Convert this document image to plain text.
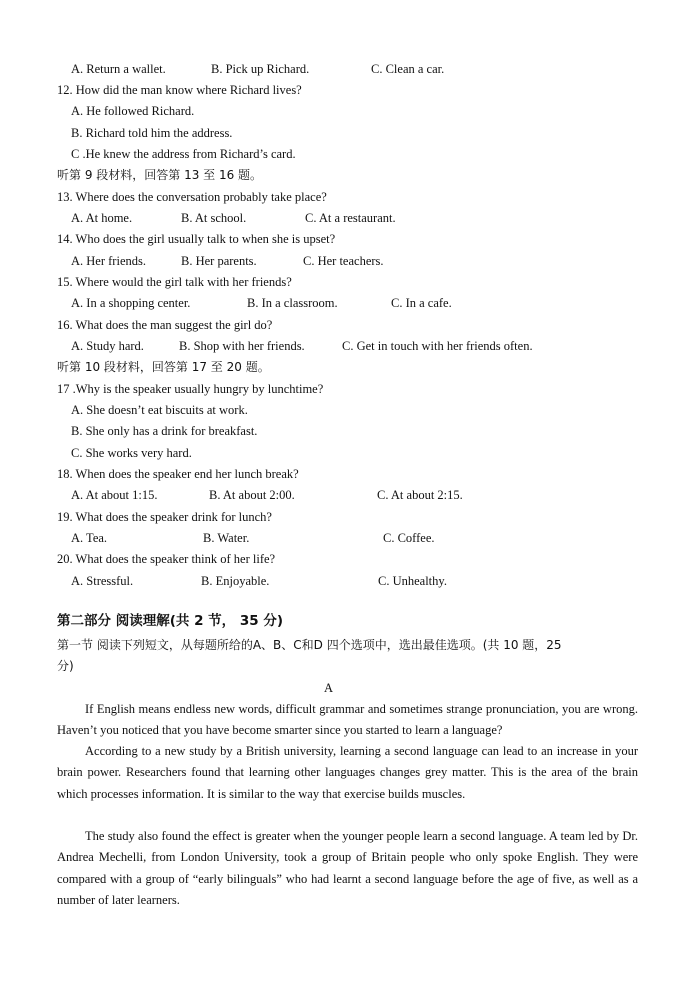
A. Return a wallet.	B. Pick up Richard.	C. Clean a car.
12. How did the man know where Richard lives?
A. He followed Richard.
B. Richard told him the address.
C .He knew the address from Richard’s card.
听第 9 段材料，回答第 13 至 16 题。
13. Where does the conversation probably take place?
A. At home.	B. At school.	C. At a restaurant.
14. Who does the girl usually talk to when she is upset?
A. Her friends.	B. Her parents.	C. Her teachers.
15. Where would the girl talk with her friends?
A. In a shopping center.	B. In a classroom.	C. In a cafe.
16. What does the man suggest the girl do?
A. Study hard.	B. Shop with her friends.	C. Get in touch with her friends often.
听第 10 段材料，回答第 17 至 20 题。
17 .Why is the speaker usually hungry by lunchtime?
A. She doesn’t eat biscuits at work.
B. She only has a drink for breakfast.
C. She works very hard.
18. When does the speaker end her lunch break?
A. At about 1:15.	B. At about 2:00.	C. At about 2:15.
19. What does the speaker drink for lunch?
A. Tea.	B. Water.	C. Coffee.
20. What does the speaker think of her life?
A. Stressful.	B. Enjoyable.	C. Unhealthy.
第二部分 阅读理解(共 2 节， 35 分)
第一节 阅读下列短文，从每题所给的A、B、C和D 四个选项中，选出最佳选项。(共 10 题，25
分)
A
If English means endless new words, difficult grammar and sometimes strange pronunciation, you are wrong. Haven’t you noticed that you have become smarter since you started to learn a language?
According to a new study by a British university, learning a second language can lead to an increase in your brain power. Researchers found that learning other languages changes grey matter. This is the area of the brain which processes information. It is similar to the way that exercise builds muscles.
The study also found the effect is greater when the younger people learn a second language. A team led by Dr. Andrea Mechelli, from London University, took a group of Britain people who only spoke English. They were compared with a group of “early bilinguals” who had learnt a second language before the age of five, as well as a number of later learners.
